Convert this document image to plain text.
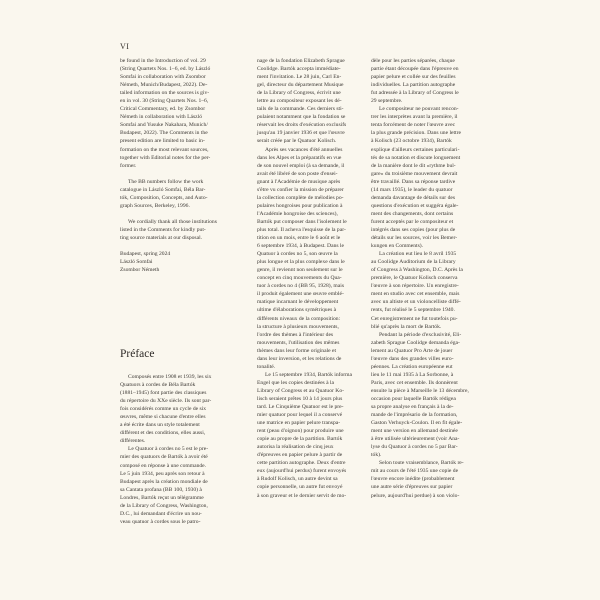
VI
be found in the Introduction of vol. 29
(String Quartets Nos. 1–6, ed. by László
Somfai in collaboration with Zsombor
Németh, Munich/Budapest, 2022). De-
tailed information on the sources is giv-
en in vol. 30 (String Quartets Nos. 1–6,
Critical Commentary, ed. by Zsombor
Németh in collaboration with László
Somfai and Yusuke Nakahara, Munich/
Budapest, 2022). The Comments in the
present edition are limited to basic in-
formation on the most relevant sources,
together with Editorial notes for the per-
former.
The BB numbers follow the work
catalogue in László Somfai, Béla Bar-
tók, Composition, Concepts, and Auto-
graph Sources, Berkeley, 1996.
We cordially thank all those institutions
listed in the Comments for kindly put-
ting source materials at our disposal.
Budapest, spring 2024
László Somfai
Zsombor Németh
Préface
Composés entre 1908 et 1939, les six
Quatuors à cordes de Béla Bartók
(1881–1945) font partie des classiques
du répertoire du XXe siècle. Ils sont par-
fois considérés comme un cycle de six
œuvres, même si chacune d'entre elles
a été écrite dans un style totalement
différent et des conditions, elles aussi,
différentes.
Le Quatuor à cordes no 5 est le pre-
mier des quatuors de Bartók à avoir été
composé en réponse à une commande.
Le 5 juin 1934, peu après son retour à
Budapest après la création mondiale de
sa Cantata profana (BB 100, 1930) à
Londres, Bartók reçut un télégramme
de la Library of Congress, Washington,
D.C., lui demandant d'écrire un nou-
veau quatuor à cordes sous le patro-
nage de la fondation Elizabeth Sprague
Coolidge. Bartók accepta immédiate-
ment l'invitation. Le 28 juin, Carl En-
gel, directeur du département Musique
de la Library of Congress, écrivit une
lettre au compositeur exposant les dé-
tails de la commande. Ces derniers sti-
pulaient notamment que la fondation se
réservait les droits d'exécution exclusifs
jusqu'au 19 janvier 1936 et que l'œuvre
serait créée par le Quatuor Kolisch.
Après ses vacances d'été annuelles
dans les Alpes et la préparatifs en vue
de son nouvel emploi (à sa demande, il
avait été libéré de son poste d'ensei-
gnant à l'Académie de musique après
s'être vu confier la mission de préparer
la collection complète de mélodies po-
pulaires hongroises pour publication à
l'Académie hongroise des sciences),
Bartók put composer dans l'isolement le
plus total. Il acheva l'esquisse de la par-
tition en un mois, entre le 6 août et le
6 septembre 1934, à Budapest. Dans le
Quatuor à cordes no 5, son œuvre la
plus longue et la plus complexe dans le
genre, il reviennt non seulement sur le
concept en cinq mouvements du Qua-
tuor à cordes no 4 (BB 95, 1928), mais
il produit également une œuvre emblé-
matique incarnant le développement
ultime d'élaborations symétriques à
différents niveaux de la composition:
la structure à plusieurs mouvements,
l'ordre des thèmes à l'intérieur des
mouvements, l'utilisation des mêmes
thèmes dans leur forme originale et
dans leur inversion, et les relations de
tonalité.
Le 15 septembre 1934, Bartók informa
Engel que les copies destinées à la
Library of Congress et au Quatuor Ko-
lisch seraient prêtes 10 à 14 jours plus
tard. Le Cinquième Quatuor est le pre-
mier quatuor pour lequel il a conservé
une matrice en papier pelure transpa-
rent (peau d'oignon) pour produire une
copie au propre de la partition. Bartók
autorisa la réalisation de cinq jeux
d'épreuves en papier pelure à partir de
cette partition autographe. Deux d'entre
eux (aujourd'hui perdus) furent envoyés
à Rudolf Kolisch, un autre devint sa
copie personnelle, un autre fut envoyé
à son graveur et le dernier servit de mo-
dèle pour les parties séparées, chaque
partie étant découpée dans l'épreuve en
papier pelure et collée sur des feuilles
individuelles. La partition autographe
fut adressée à la Library of Congress le
29 septembre.
Le compositeur ne pouvant rencon-
trer les interprètes avant la première, il
tenta forcément de noter l'œuvre avec
la plus grande précision. Dans une lettre
à Kolisch (23 octobre 1934), Bartók
explique d'ailleurs certaines particulari-
tés de sa notation et discute longuement
de la manière dont le dit «rythme bul-
gare» du troisième mouvement devrait
être travaillé. Dans sa réponse tardive
(14 mars 1935), le leader du quatuor
demanda davantage de détails sur des
questions d'exécution et suggéra égale-
ment des changements, dont certains
furent acceptés par le compositeur et
intégrés dans ses copies (pour plus de
détails sur les sources, voir les Bemer-
kungen en Comments).
La création eut lieu le 8 avril 1935
au Coolidge Auditorium de la Library
of Congress à Washington, D.C. Après la
première, le Quatuor Kolisch conserva
l'œuvre à son répertoire. Un enregistre-
ment en studio avec cet ensemble, mais
avec un altiste et un violoncelliste diffé-
rents, fut réalisé le 5 septembre 1940.
Cet enregistrement ne fut toutefois pu-
blié qu'après la mort de Bartók.
Pendant la période d'exclusivité, Eli-
zabeth Sprague Coolidge demanda éga-
lement au Quatuor Pro Arte de jouer
l'œuvre dans des grandes villes euro-
péennes. La création européenne eut
lieu le 11 mai 1935 à La Sorbonne, à
Paris, avec cet ensemble. Ils donnèrent
ensuite la pièce à Marseille le 13 décembre,
occasion pour laquelle Bartók rédigea
sa propre analyse en français à la de-
mande de l'imprésario de la formation,
Gaston Verhuyck-Coulon. Il en fit égale-
ment une version en allemand destinée
à être utilisée ultérieurement (voir Ana-
lyse du Quatuor à cordes no 5 par Bar-
tók).
Selon toute vraisemblance, Bartók re-
mit au cours de l'été 1935 une copie de
l'œuvre encore inédite (probablement
une autre série d'épreuves sur papier
pelure, aujourd'hui perdue) à son violo-
